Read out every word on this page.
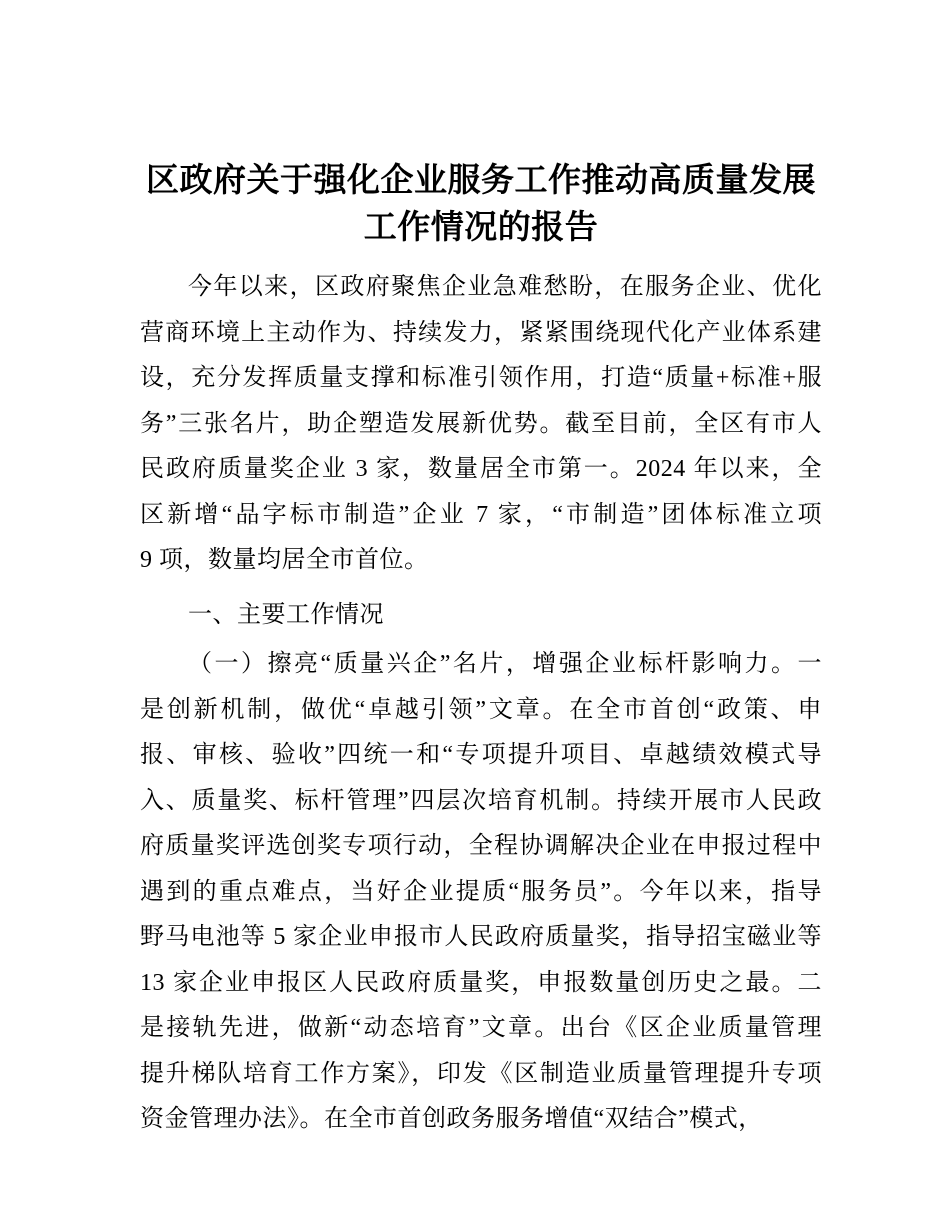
区政府关于强化企业服务工作推动高质量发展
工作情况的报告
今年以来，区政府聚焦企业急难愁盼，在服务企业、优化
营商环境上主动作为、持续发力，紧紧围绕现代化产业体系建
设，充分发挥质量支撑和标准引领作用，打造“质量+标准+服
务”三张名片，助企塑造发展新优势。截至目前，全区有市人
民政府质量奖企业 3 家，数量居全市第一。2024 年以来，全
区新增“品字标市制造”企业 7 家，“市制造”团体标准立项
9 项，数量均居全市首位。
一、主要工作情况
（一）擦亮“质量兴企”名片，增强企业标杆影响力。一
是创新机制，做优“卓越引领”文章。在全市首创“政策、申
报、审核、验收”四统一和“专项提升项目、卓越绩效模式导
入、质量奖、标杆管理”四层次培育机制。持续开展市人民政
府质量奖评选创奖专项行动，全程协调解决企业在申报过程中
遇到的重点难点，当好企业提质“服务员”。今年以来，指导
野马电池等 5 家企业申报市人民政府质量奖，指导招宝磁业等
13 家企业申报区人民政府质量奖，申报数量创历史之最。二
是接轨先进，做新“动态培育”文章。出台《区企业质量管理
提升梯队培育工作方案》，印发《区制造业质量管理提升专项
资金管理办法》。在全市首创政务服务增值“双结合”模式，
